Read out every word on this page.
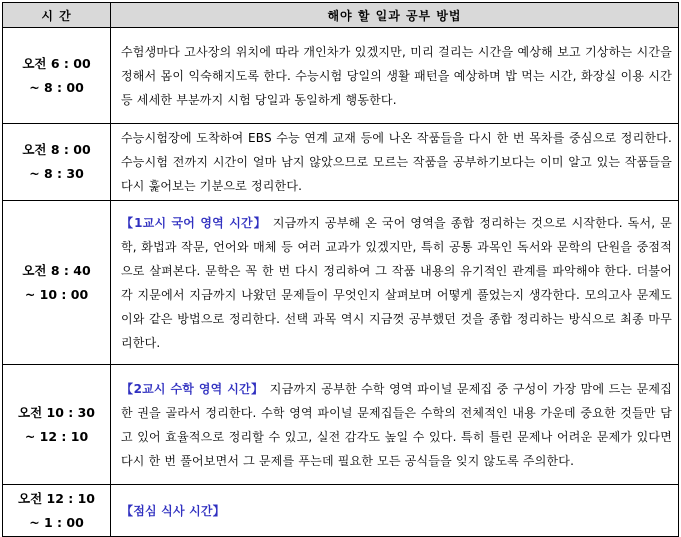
시 간	해야 할 일과 공부 방법

오전 6 : 00
~ 8 : 00	수험생마다 고사장의 위치에 따라 개인차가 있겠지만, 미리 걸리는 시간을 예상해 보고 기상하는 시간을 정해서 몸이 익숙해지도록 한다. 수능시험 당일의 생활 패턴을 예상하며 밥 먹는 시간, 화장실 이용 시간 등 세세한 부분까지 시험 당일과 동일하게 행동한다.

오전 8 : 00
~ 8 : 30	수능시험장에 도착하여 EBS 수능 연계 교재 등에 나온 작품들을 다시 한 번 목차를 중심으로 정리한다. 수능시험 전까지 시간이 얼마 남지 않았으므로 모르는 작품을 공부하기보다는 이미 알고 있는 작품들을 다시 훑어보는 기분으로 정리한다.

오전 8 : 40
~ 10 : 00	【1교시 국어 영역 시간】 지금까지 공부해 온 국어 영역을 종합 정리하는 것으로 시작한다. 독서, 문학, 화법과 작문, 언어와 매체 등 여러 교과가 있겠지만, 특히 공통 과목인 독서와 문학의 단원을 중점적으로 살펴본다. 문학은 꼭 한 번 다시 정리하여 그 작품 내용의 유기적인 관계를 파악해야 한다. 더불어 각 지문에서 지금까지 나왔던 문제들이 무엇인지 살펴보며 어떻게 풀었는지 생각한다. 모의고사 문제도 이와 같은 방법으로 정리한다. 선택 과목 역시 지금껏 공부했던 것을 종합 정리하는 방식으로 최종 마무리한다.

오전 10 : 30
~ 12 : 10	【2교시 수학 영역 시간】 지금까지 공부한 수학 영역 파이널 문제집 중 구성이 가장 맘에 드는 문제집 한 권을 골라서 정리한다. 수학 영역 파이널 문제집들은 수학의 전체적인 내용 가운데 중요한 것들만 담고 있어 효율적으로 정리할 수 있고, 실전 감각도 높일 수 있다. 특히 틀린 문제나 어려운 문제가 있다면 다시 한 번 풀어보면서 그 문제를 푸는데 필요한 모든 공식들을 잊지 않도록 주의한다.

오전 12 : 10
~ 1 : 00	【점심 식사 시간】
